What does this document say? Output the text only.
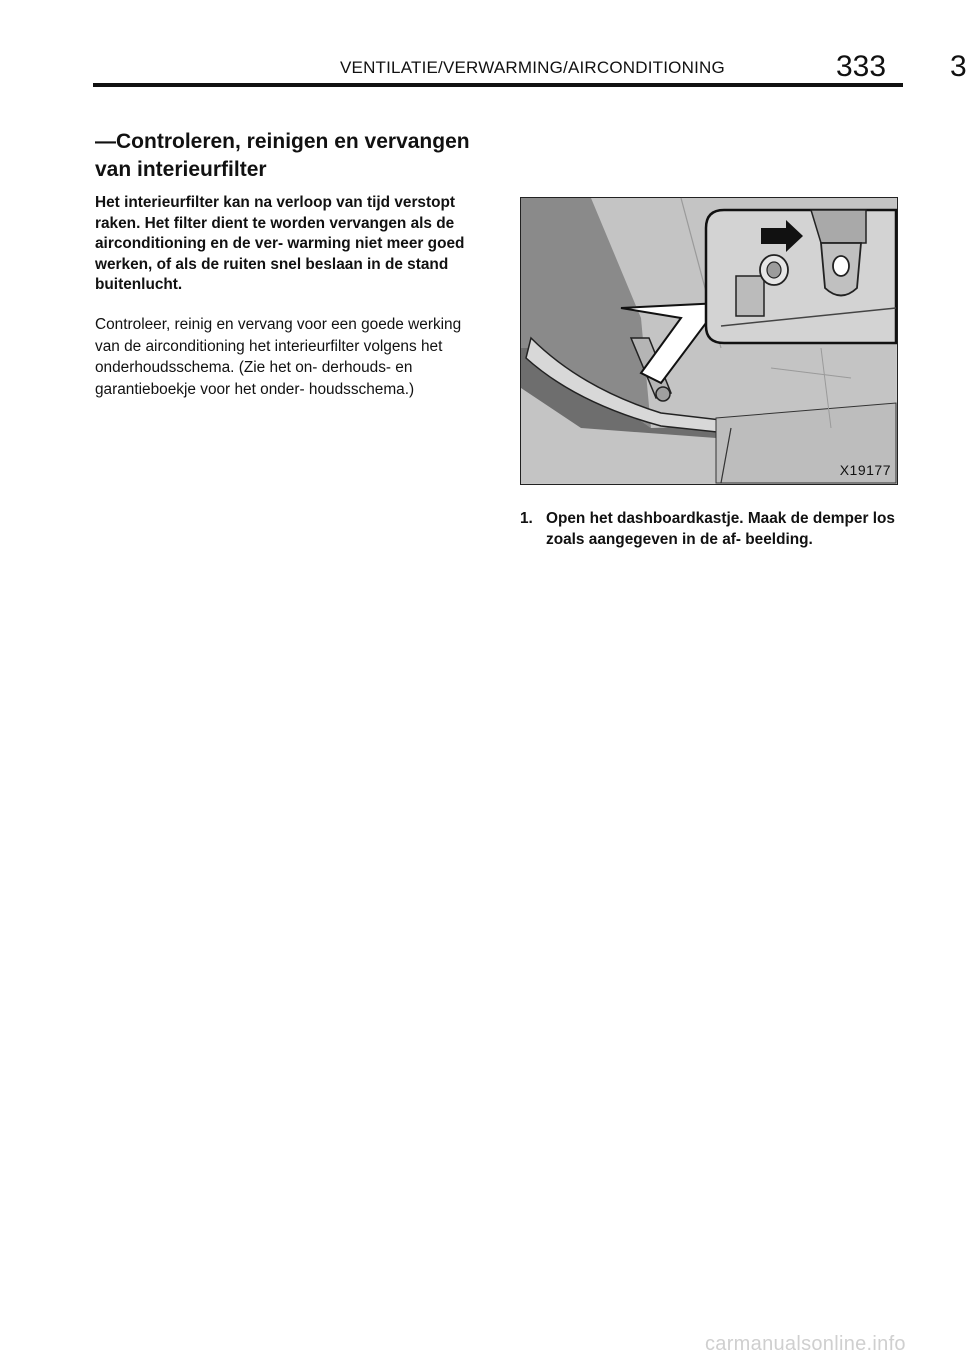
VENTILATIE/VERWARMING/AIRCONDITIONING	333 3
—Controleren, reinigen en vervangen van interieurfilter
Het interieurfilter kan na verloop van tijd verstopt raken. Het filter dient te worden vervangen als de airconditioning en de ver- warming niet meer goed werken, of als de ruiten snel beslaan in de stand buitenlucht.
Controleer, reinig en vervang voor een goede werking van de airconditioning het interieurfilter volgens het onderhoudsschema. (Zie het on- derhouds- en garantieboekje voor het onder- houdsschema.)
X19177
1. Open het dashboardkastje. Maak de demper los zoals aangegeven in de af- beelding.
carmanualsonline.info
